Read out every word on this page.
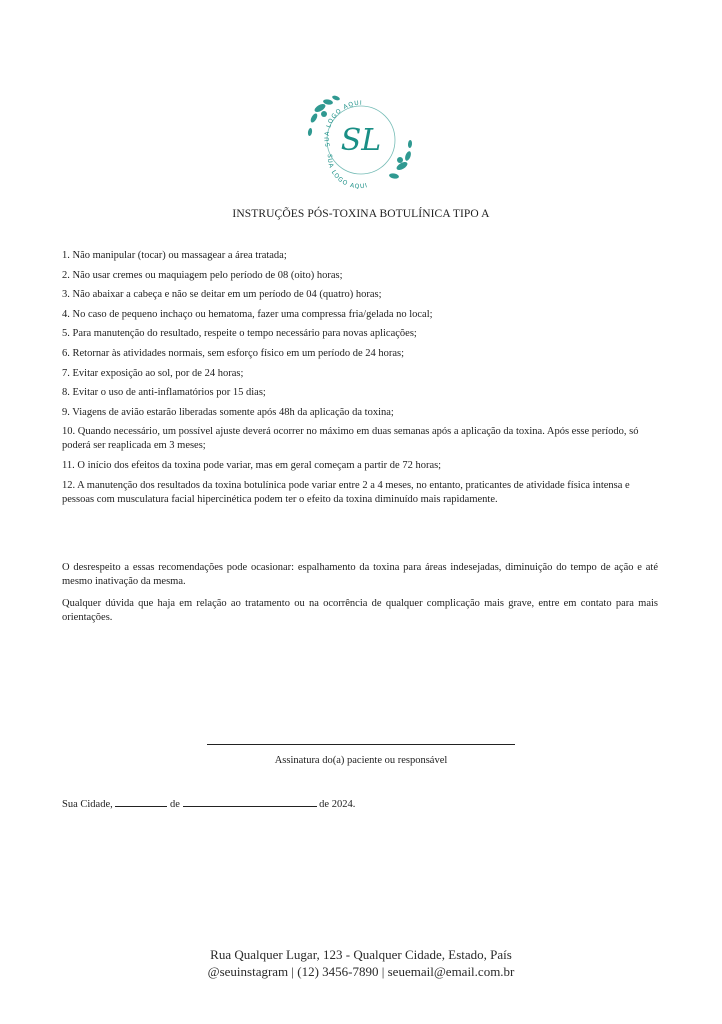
SUA LOGO AQUI
SUA LOGO AQUI
SL
INSTRUÇÕES PÓS-TOXINA BOTULÍNICA TIPO A
1. Não manipular (tocar) ou massagear a área tratada;
2. Não usar cremes ou maquiagem pelo período de 08 (oito) horas;
3. Não abaixar a cabeça e não se deitar em um período de 04 (quatro) horas;
4. No caso de pequeno inchaço ou hematoma, fazer uma compressa fria/gelada no local;
5. Para manutenção do resultado, respeite o tempo necessário para novas aplicações;
6. Retornar às atividades normais, sem esforço físico em um período de 24 horas;
7. Evitar exposição ao sol, por de 24 horas;
8. Evitar o uso de anti-inflamatórios por 15 dias;
9. Viagens de avião estarão liberadas somente após 48h da aplicação da toxina;
10. Quando necessário, um possível ajuste deverá ocorrer no máximo em duas semanas após a aplicação da toxina. Após esse período, só poderá ser reaplicada em 3 meses;
11. O início dos efeitos da toxina pode variar, mas em geral começam a partir de 72 horas;
12. A manutenção dos resultados da toxina botulínica pode variar entre 2 a 4 meses, no entanto, praticantes de atividade física intensa e pessoas com musculatura facial hipercinética podem ter o efeito da toxina diminuído mais rapidamente.

O desrespeito a essas recomendações pode ocasionar: espalhamento da toxina para áreas indesejadas, diminuição do tempo de ação e até mesmo inativação da mesma.

Qualquer dúvida que haja em relação ao tratamento ou na ocorrência de qualquer complicação mais grave, entre em contato para mais orientações.

Assinatura do(a) paciente ou responsável
Sua Cidade,	de	de 2024.
Rua Qualquer Lugar, 123 - Qualquer Cidade, Estado, País
@seuinstagram | (12) 3456-7890 | seuemail@email.com.br
